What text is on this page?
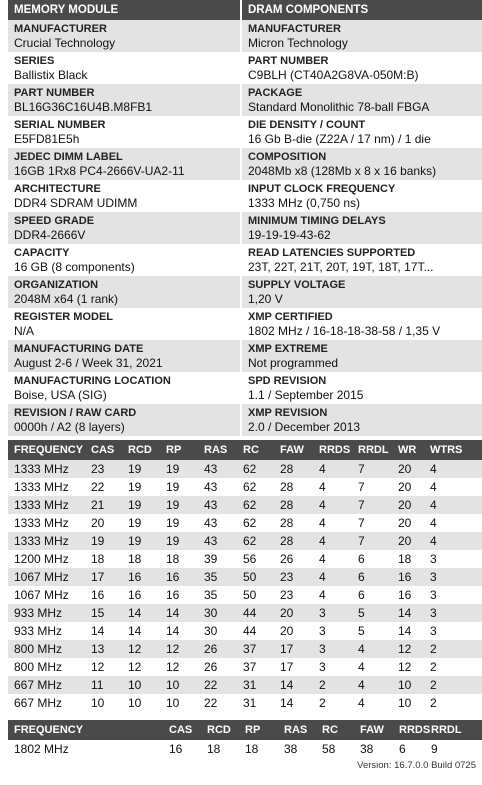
MEMORY MODULE	DRAM COMPONENTS
MANUFACTURER
Crucial Technology
SERIES
Ballistix Black
PART NUMBER
BL16G36C16U4B.M8FB1
SERIAL NUMBER
E5FD81E5h
JEDEC DIMM LABEL
16GB 1Rx8 PC4-2666V-UA2-11
ARCHITECTURE
DDR4 SDRAM UDIMM
SPEED GRADE
DDR4-2666V
CAPACITY
16 GB (8 components)
ORGANIZATION
2048M x64 (1 rank)
REGISTER MODEL
N/A
MANUFACTURING DATE
August 2-6 / Week 31, 2021
MANUFACTURING LOCATION
Boise, USA (SIG)
REVISION / RAW CARD
0000h / A2 (8 layers)
MANUFACTURER
Micron Technology
PART NUMBER
C9BLH (CT40A2G8VA-050M:B)
PACKAGE
Standard Monolithic 78-ball FBGA
DIE DENSITY / COUNT
16 Gb B-die (Z22A / 17 nm) / 1 die
COMPOSITION
2048Mb x8 (128Mb x 8 x 16 banks)
INPUT CLOCK FREQUENCY
1333 MHz (0,750 ns)
MINIMUM TIMING DELAYS
19-19-19-43-62
READ LATENCIES SUPPORTED
23T, 22T, 21T, 20T, 19T, 18T, 17T...
SUPPLY VOLTAGE
1,20 V
XMP CERTIFIED
1802 MHz / 16-18-18-38-58 / 1,35 V
XMP EXTREME
Not programmed
SPD REVISION
1.1 / September 2015
XMP REVISION
2.0 / December 2013
FREQUENCY	CAS	RCD	RP	RAS	RC	FAW	RRDS	RRDL	WR	WTRS
1333 MHz	23	19	19	43	62	28	4	7	20	4
1333 MHz	22	19	19	43	62	28	4	7	20	4
1333 MHz	21	19	19	43	62	28	4	7	20	4
1333 MHz	20	19	19	43	62	28	4	7	20	4
1333 MHz	19	19	19	43	62	28	4	7	20	4
1200 MHz	18	18	18	39	56	26	4	6	18	3
1067 MHz	17	16	16	35	50	23	4	6	16	3
1067 MHz	16	16	16	35	50	23	4	6	16	3
933 MHz	15	14	14	30	44	20	3	5	14	3
933 MHz	14	14	14	30	44	20	3	5	14	3
800 MHz	13	12	12	26	37	17	3	4	12	2
800 MHz	12	12	12	26	37	17	3	4	12	2
667 MHz	11	10	10	22	31	14	2	4	10	2
667 MHz	10	10	10	22	31	14	2	4	10	2
FREQUENCY	CAS	RCD	RP	RAS	RC	FAW	RRDS	RRDL
1802 MHz	16	18	18	38	58	38	6	9
Version: 16.7.0.0 Build 0725
